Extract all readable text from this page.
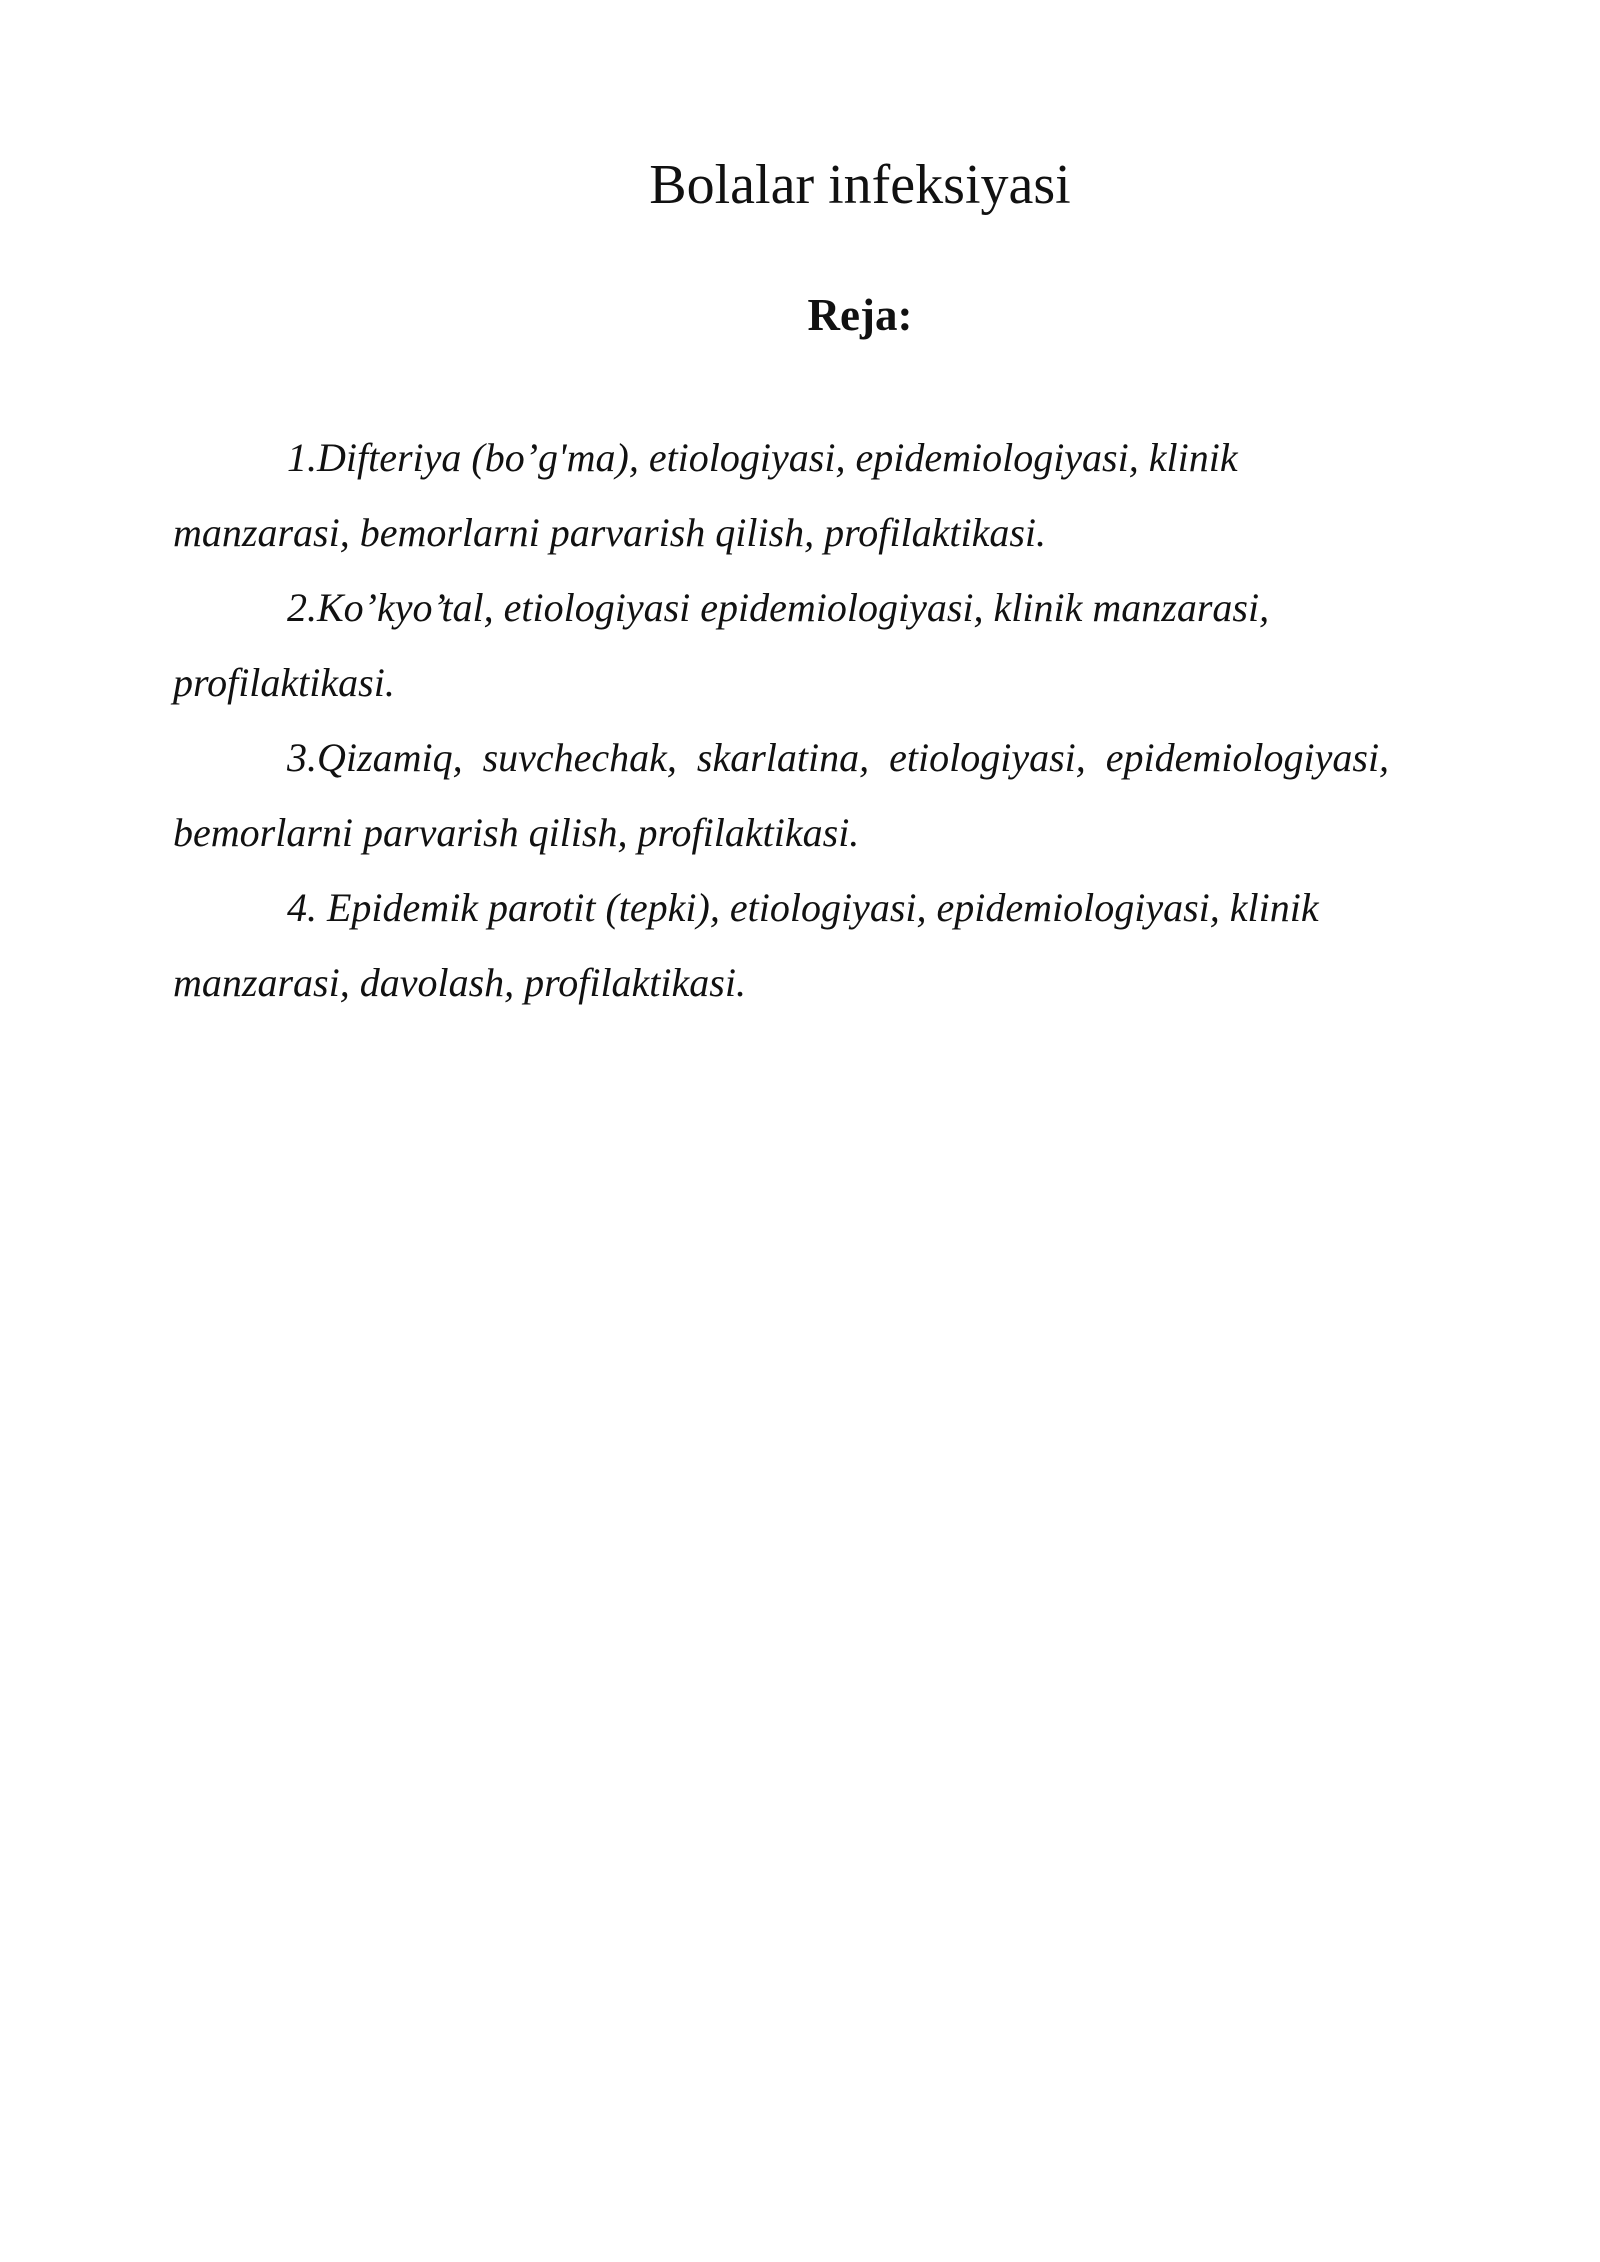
Bolalar infeksiyasi
Reja:
1.Difteriya (bo’g'ma), etiologiyasi, epidemiologiyasi, klinik
manzarasi, bemorlarni parvarish qilish, profilaktikasi.
2.Ko’kyo’tal, etiologiyasi epidemiologiyasi, klinik manzarasi,
profilaktikasi.
3.Qizamiq,  suvchechak,  skarlatina,  etiologiyasi,  epidemiologiyasi,
bemorlarni parvarish qilish, profilaktikasi.
4. Epidemik parotit (tepki), etiologiyasi, epidemiologiyasi, klinik
manzarasi, davolash, profilaktikasi.
